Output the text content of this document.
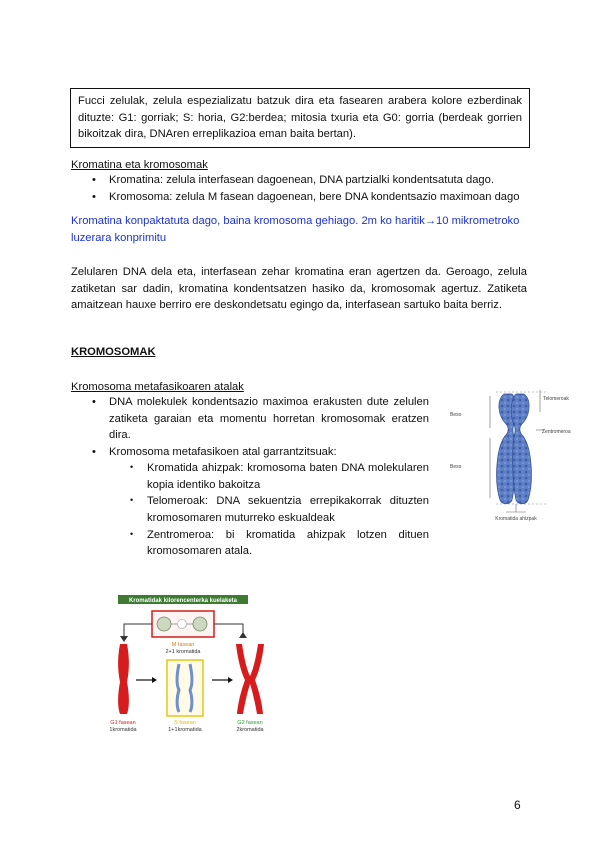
Fucci zelulak, zelula espezializatu batzuk dira eta fasearen arabera kolore ezberdinak dituzte: G1: gorriak; S: horia, G2:berdea; mitosia txuria eta G0: gorria (berdeak gorrien bikoitzak dira, DNAren erreplikazioa eman baita bertan).
Kromatina eta kromosomak
• Kromatina: zelula interfasean dagoenean, DNA partzialki kondentsatuta dago.
• Kromosoma: zelula M fasean dagoenean, bere DNA kondentsazio maximoan dago
Kromatina konpaktatuta dago, baina kromosoma gehiago. 2m ko haritik→10 mikrometroko luzerara konprimitu
Zelularen DNA dela eta, interfasean zehar kromatina eran agertzen da. Geroago, zelula zatiketan sar dadin, kromatina kondentsatzen hasiko da, kromosomak agertuz. Zatiketa amaitzean hauxe berriro ere deskondetsatu egingo da, interfasean sartuko baita berriz.
KROMOSOMAK
Kromosoma metafasikoaren atalak
• DNA molekulek kondentsazio maximoa erakusten dute zelulen zatiketa garaian eta momentu horretan kromosomak eratzen dira.
• Kromosoma metafasikoen atal garrantzitsuak:
• Kromatida ahizpak: kromosoma baten DNA molekularen kopia identiko bakoitza
• Telomeroak: DNA sekuentzia errepikakorrak dituzten kromosomaren muturreko eskualdeak
• Zentromeroa: bi kromatida ahizpak lotzen dituen kromosomaren atala.
Telomeroak
Zentromeroa
Beso
Beso
Kromatida ahizpak
Kromatidak kilorencenterka kuelaketa
M fasean
2+1 kromatida
G1 fasean
1kromatida
S fasean
1+1kromatida
G2 fasean
2kromatida
6
